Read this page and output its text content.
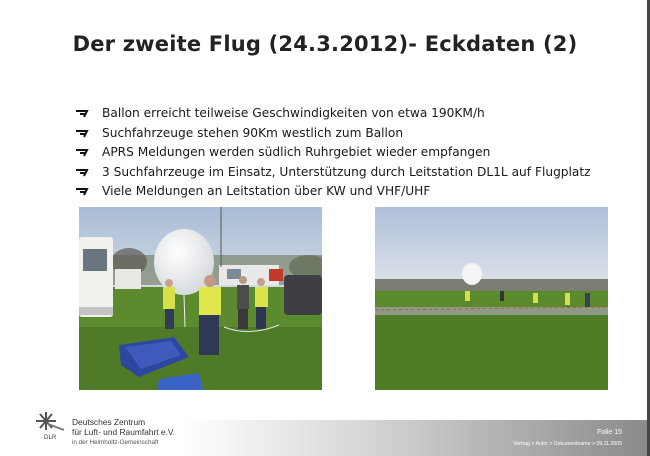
Der zweite Flug (24.3.2012)- Eckdaten (2)
Ballon erreicht teilweise Geschwindigkeiten von etwa 190KM/h
Suchfahrzeuge stehen 90Km westlich zum Ballon
APRS Meldungen werden südlich Ruhrgebiet wieder empfangen
3 Suchfahrzeuge im Einsatz, Unterstützung durch Leitstation DL1L auf Flugplatz
Viele Meldungen an Leitstation über KW und VHF/UHF
DLR
Deutsches Zentrum
für Luft- und Raumfahrt e.V.
in der Helmholtz-Gemeinschaft
Folie 15
Vortrag > Autor > Dokumentname > 09.11.2005
